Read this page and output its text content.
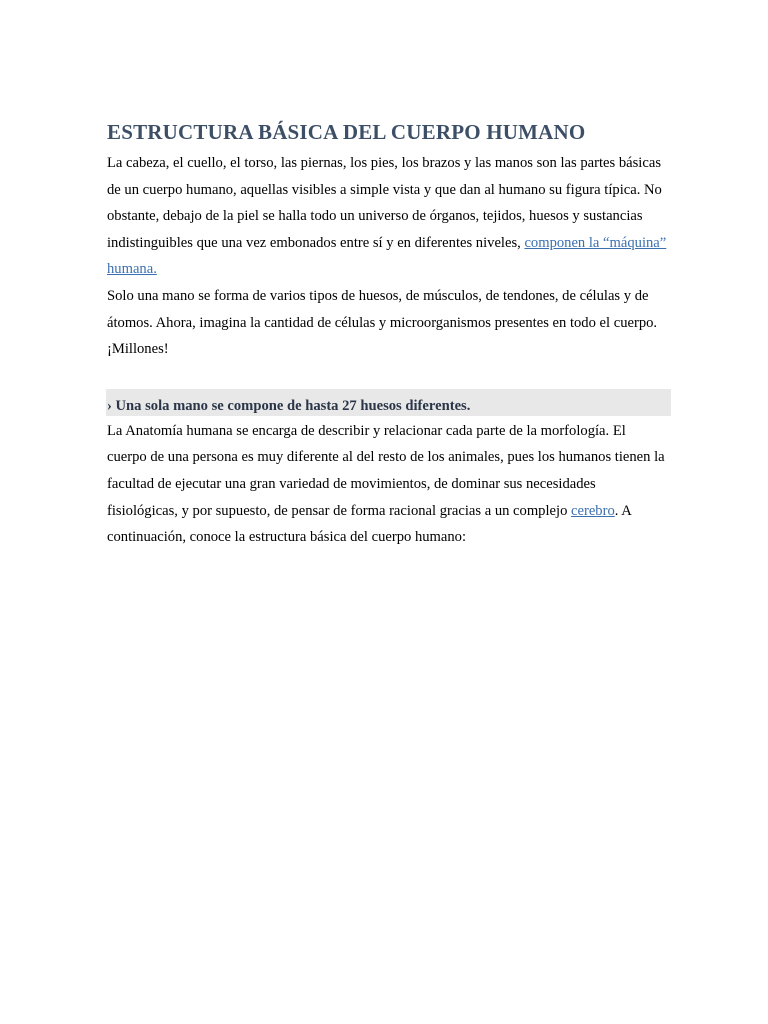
ESTRUCTURA BÁSICA DEL CUERPO HUMANO

La cabeza, el cuello, el torso, las piernas, los pies, los brazos y las manos son las partes básicas de un cuerpo humano, aquellas visibles a simple vista y que dan al humano su figura típica. No obstante, debajo de la piel se halla todo un universo de órganos, tejidos, huesos y sustancias indistinguibles que una vez embonados entre sí y en diferentes niveles, componen la “máquina” humana.

Solo una mano se forma de varios tipos de huesos, de músculos, de tendones, de células y de átomos. Ahora, imagina la cantidad de células y microorganismos presentes en todo el cuerpo. ¡Millones!

› Una sola mano se compone de hasta 27 huesos diferentes.

La Anatomía humana se encarga de describir y relacionar cada parte de la morfología. El cuerpo de una persona es muy diferente al del resto de los animales, pues los humanos tienen la facultad de ejecutar una gran variedad de movimientos, de dominar sus necesidades fisiológicas, y por supuesto, de pensar de forma racional gracias a un complejo cerebro. A continuación, conoce la estructura básica del cuerpo humano:
